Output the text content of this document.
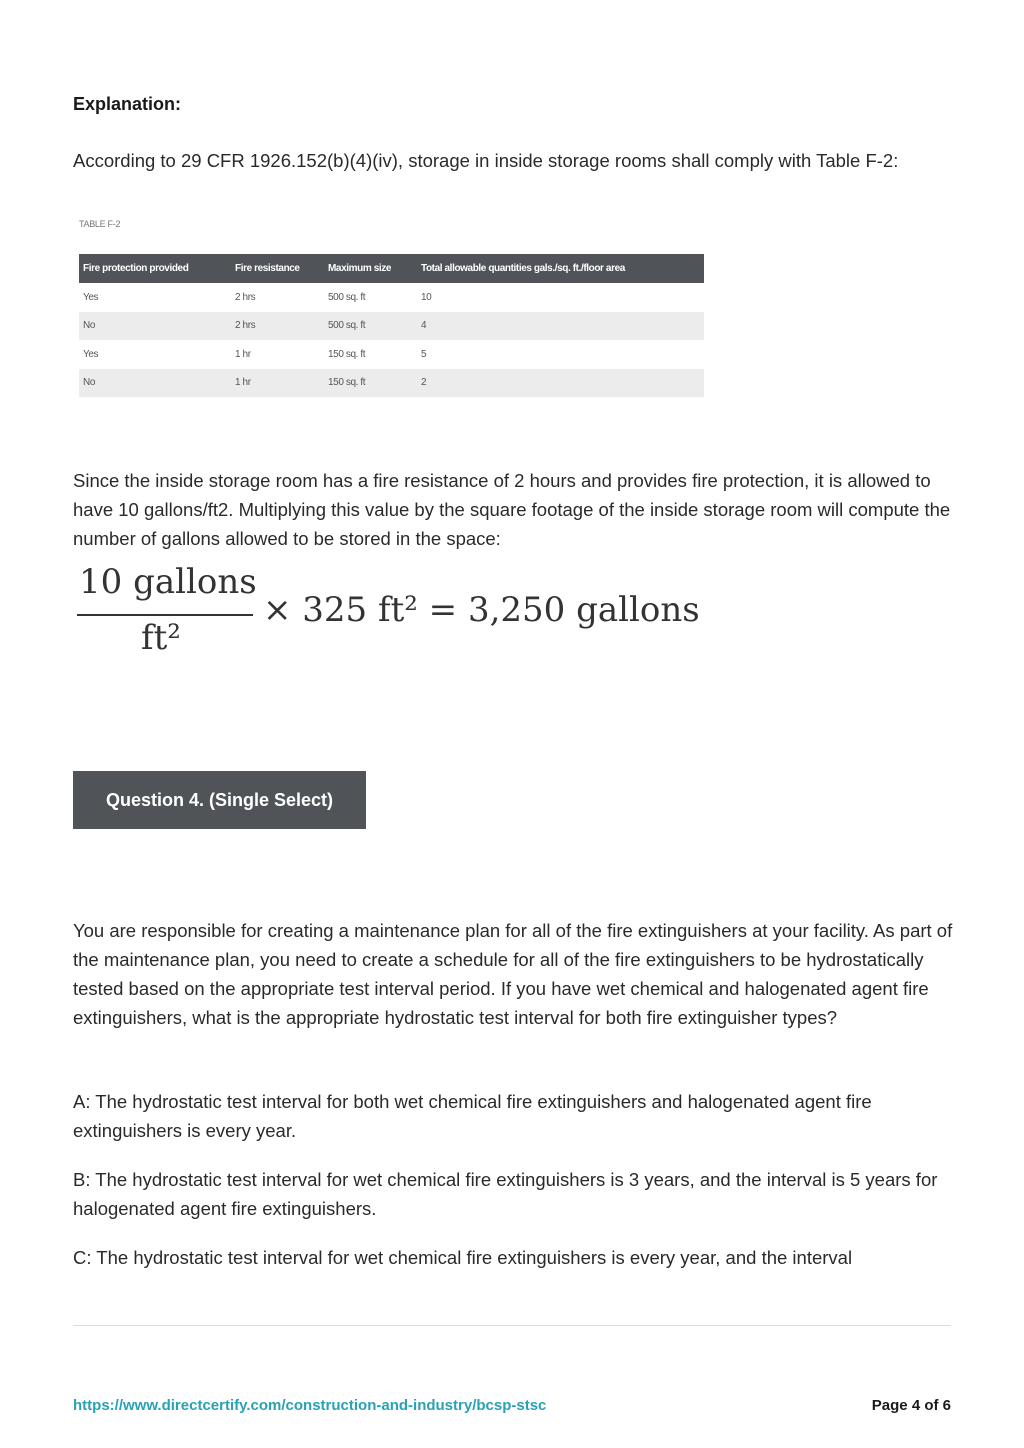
Explanation:
According to 29 CFR 1926.152(b)(4)(iv), storage in inside storage rooms shall comply with Table F-2:
TABLE F-2
Fire protection provided	Fire resistance	Maximum size	Total allowable quantities gals./sq. ft./floor area
Yes	2 hrs	500 sq. ft	10
No	2 hrs	500 sq. ft	4
Yes	1 hr	150 sq. ft	5
No	1 hr	150 sq. ft	2
Since the inside storage room has a fire resistance of 2 hours and provides fire protection, it is allowed to have 10 gallons/ft2. Multiplying this value by the square footage of the inside storage room will compute the number of gallons allowed to be stored in the space:
10 gallons
ft²
× 325 ft² = 3,250 gallons
Question 4. (Single Select)
You are responsible for creating a maintenance plan for all of the fire extinguishers at your facility. As part of the maintenance plan, you need to create a schedule for all of the fire extinguishers to be hydrostatically tested based on the appropriate test interval period. If you have wet chemical and halogenated agent fire extinguishers, what is the appropriate hydrostatic test interval for both fire extinguisher types?
A: The hydrostatic test interval for both wet chemical fire extinguishers and halogenated agent fire extinguishers is every year.
B: The hydrostatic test interval for wet chemical fire extinguishers is 3 years, and the interval is 5 years for halogenated agent fire extinguishers.
C: The hydrostatic test interval for wet chemical fire extinguishers is every year, and the interval
https://www.directcertify.com/construction-and-industry/bcsp-stsc	Page 4 of 6
